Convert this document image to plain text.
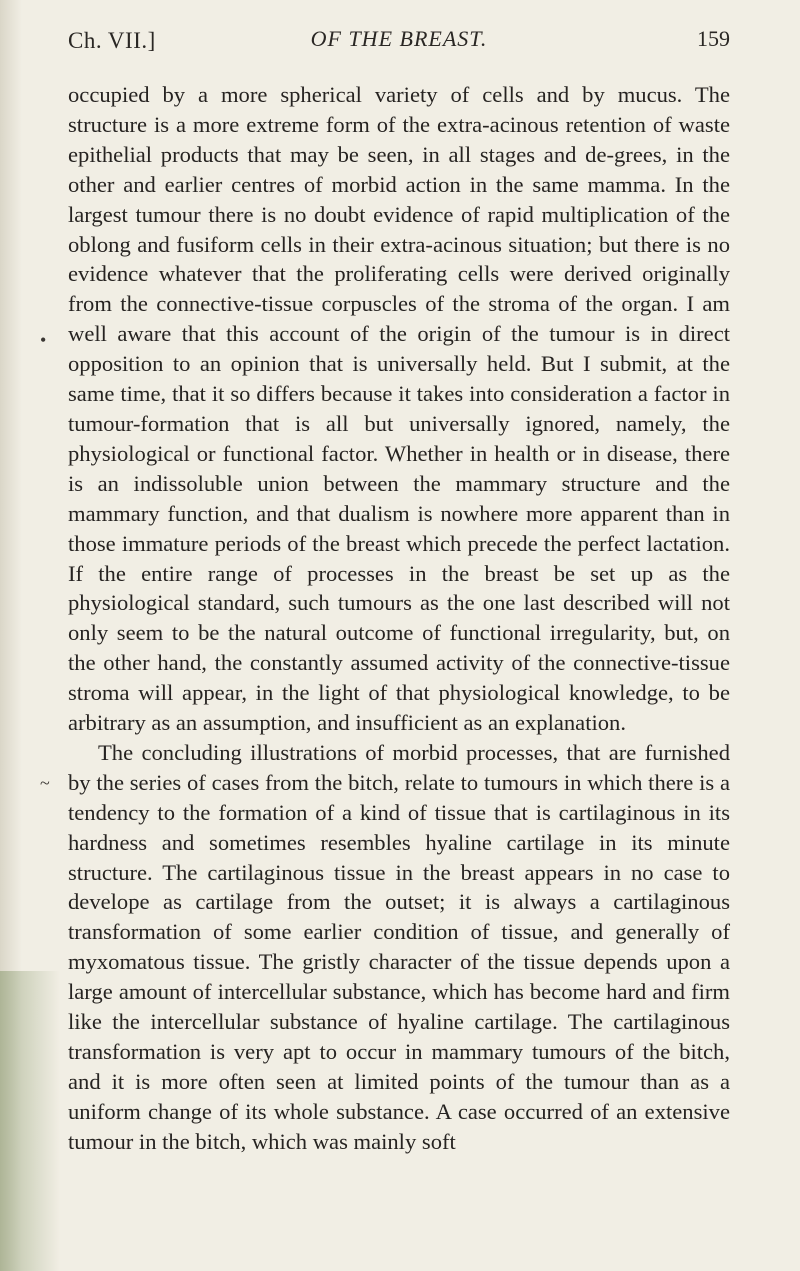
Ch. VII.]	OF THE BREAST.	159
•
~

occupied by a more spherical variety of cells and by mucus. The structure is a more extreme form of the extra-acinous retention of waste epithelial products that may be seen, in all stages and de-grees, in the other and earlier centres of morbid action in the same mamma. In the largest tumour there is no doubt evidence of rapid multiplication of the oblong and fusiform cells in their extra-acinous situation; but there is no evidence whatever that the proliferating cells were derived originally from the connective-tissue corpuscles of the stroma of the organ. I am well aware that this account of the origin of the tumour is in direct opposition to an opinion that is universally held. But I submit, at the same time, that it so differs because it takes into consideration a factor in tumour-formation that is all but universally ignored, namely, the physiological or functional factor. Whether in health or in disease, there is an indissoluble union between the mammary structure and the mammary function, and that dualism is nowhere more apparent than in those immature periods of the breast which precede the perfect lactation. If the entire range of processes in the breast be set up as the physiological standard, such tumours as the one last described will not only seem to be the natural outcome of functional irregularity, but, on the other hand, the constantly assumed activity of the connective-tissue stroma will appear, in the light of that physiological knowledge, to be arbitrary as an assumption, and insufficient as an explanation.

The concluding illustrations of morbid processes, that are furnished by the series of cases from the bitch, relate to tumours in which there is a tendency to the formation of a kind of tissue that is cartilaginous in its hardness and sometimes resembles hyaline cartilage in its minute structure. The cartilaginous tissue in the breast appears in no case to develope as cartilage from the outset; it is always a cartilaginous transformation of some earlier condition of tissue, and generally of myxomatous tissue. The gristly character of the tissue depends upon a large amount of intercellular substance, which has become hard and firm like the intercellular substance of hyaline cartilage. The cartilaginous transformation is very apt to occur in mammary tumours of the bitch, and it is more often seen at limited points of the tumour than as a uniform change of its whole substance. A case occurred of an extensive tumour in the bitch, which was mainly soft
